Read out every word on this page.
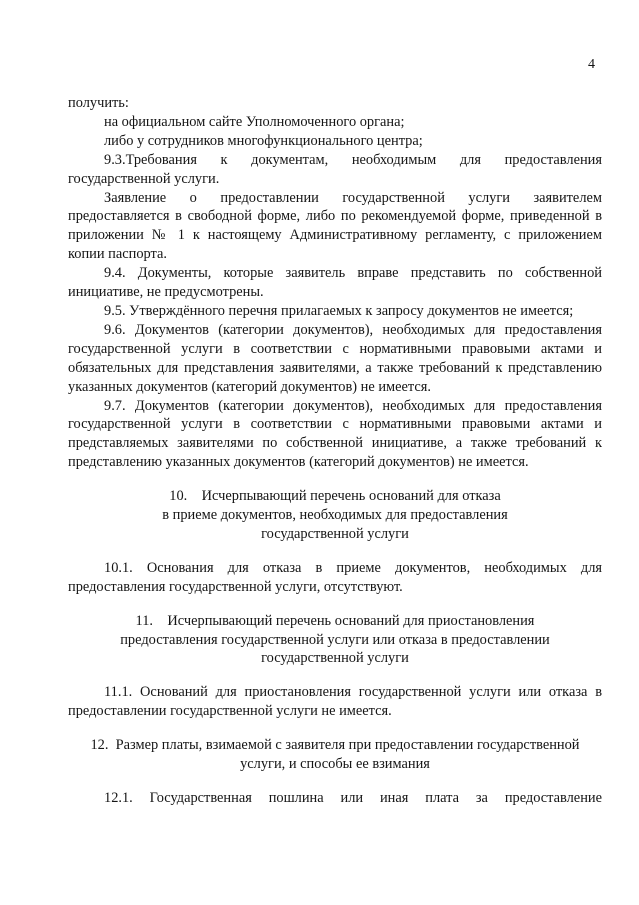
4

получить:

на официальном сайте Уполномоченного органа;

либо у сотрудников многофункционального центра;

9.3.Требования к документам, необходимым для предоставления государственной услуги.

Заявление о предоставлении государственной услуги заявителем предоставляется в свободной форме, либо по рекомендуемой форме, приведенной в приложении № 1 к настоящему Административному регламенту, с приложением копии паспорта.

9.4. Документы, которые заявитель вправе представить по собственной инициативе, не предусмотрены.

9.5. Утверждённого перечня прилагаемых к запросу документов не имеется;

9.6. Документов (категории документов), необходимых для предоставления государственной услуги в соответствии с нормативными правовыми актами и обязательных для представления заявителями, а также требований к представлению указанных документов (категорий документов) не имеется.

9.7. Документов (категории документов), необходимых для предоставления государственной услуги в соответствии с нормативными правовыми актами и представляемых заявителями по собственной инициативе, а также требований к представлению указанных документов (категорий документов) не имеется.

10.    Исчерпывающий перечень оснований для отказа
в приеме документов, необходимых для предоставления
государственной услуги

10.1. Основания для отказа в приеме документов, необходимых для предоставления государственной услуги, отсутствуют.

11.    Исчерпывающий перечень оснований для приостановления
предоставления государственной услуги или отказа в предоставлении
государственной услуги

11.1. Оснований для приостановления государственной услуги или отказа в предоставлении государственной услуги не имеется.

12.  Размер платы, взимаемой с заявителя при предоставлении государственной
услуги, и способы ее взимания

12.1. Государственная пошлина или иная плата за предоставление
